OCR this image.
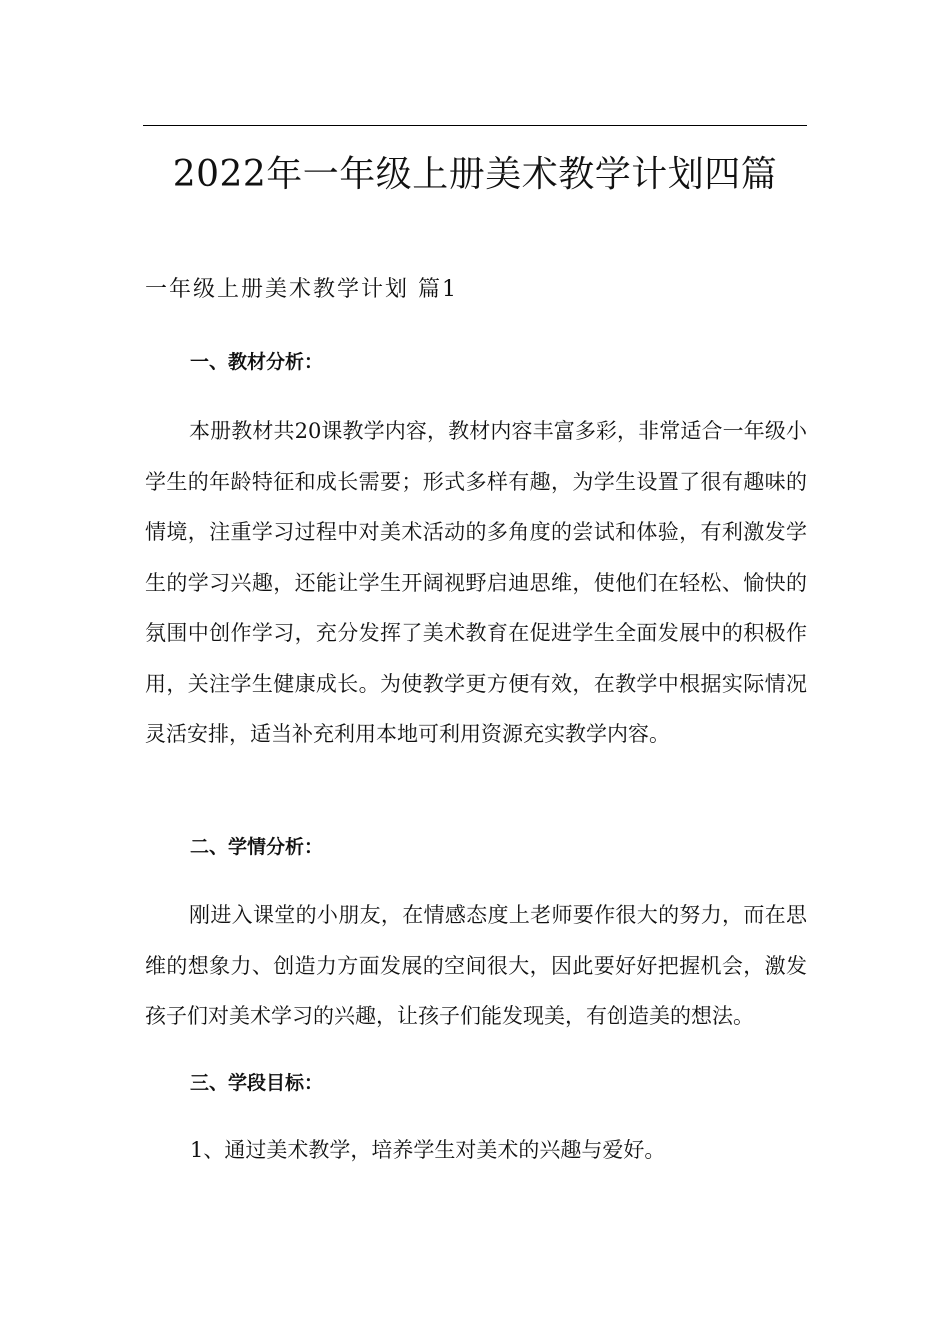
2022年一年级上册美术教学计划四篇
一年级上册美术教学计划 篇1
一、教材分析：
本册教材共20课教学内容，教材内容丰富多彩，非常适合一年级小学生的年龄特征和成长需要；形式多样有趣，为学生设置了很有趣味的情境，注重学习过程中对美术活动的多角度的尝试和体验，有利激发学生的学习兴趣，还能让学生开阔视野启迪思维，使他们在轻松、愉快的氛围中创作学习，充分发挥了美术教育在促进学生全面发展中的积极作用，关注学生健康成长。为使教学更方便有效，在教学中根据实际情况灵活安排，适当补充利用本地可利用资源充实教学内容。
二、学情分析：
刚进入课堂的小朋友，在情感态度上老师要作很大的努力，而在思维的想象力、创造力方面发展的空间很大，因此要好好把握机会，激发孩子们对美术学习的兴趣，让孩子们能发现美，有创造美的想法。
三、学段目标：
1、通过美术教学，培养学生对美术的兴趣与爱好。
